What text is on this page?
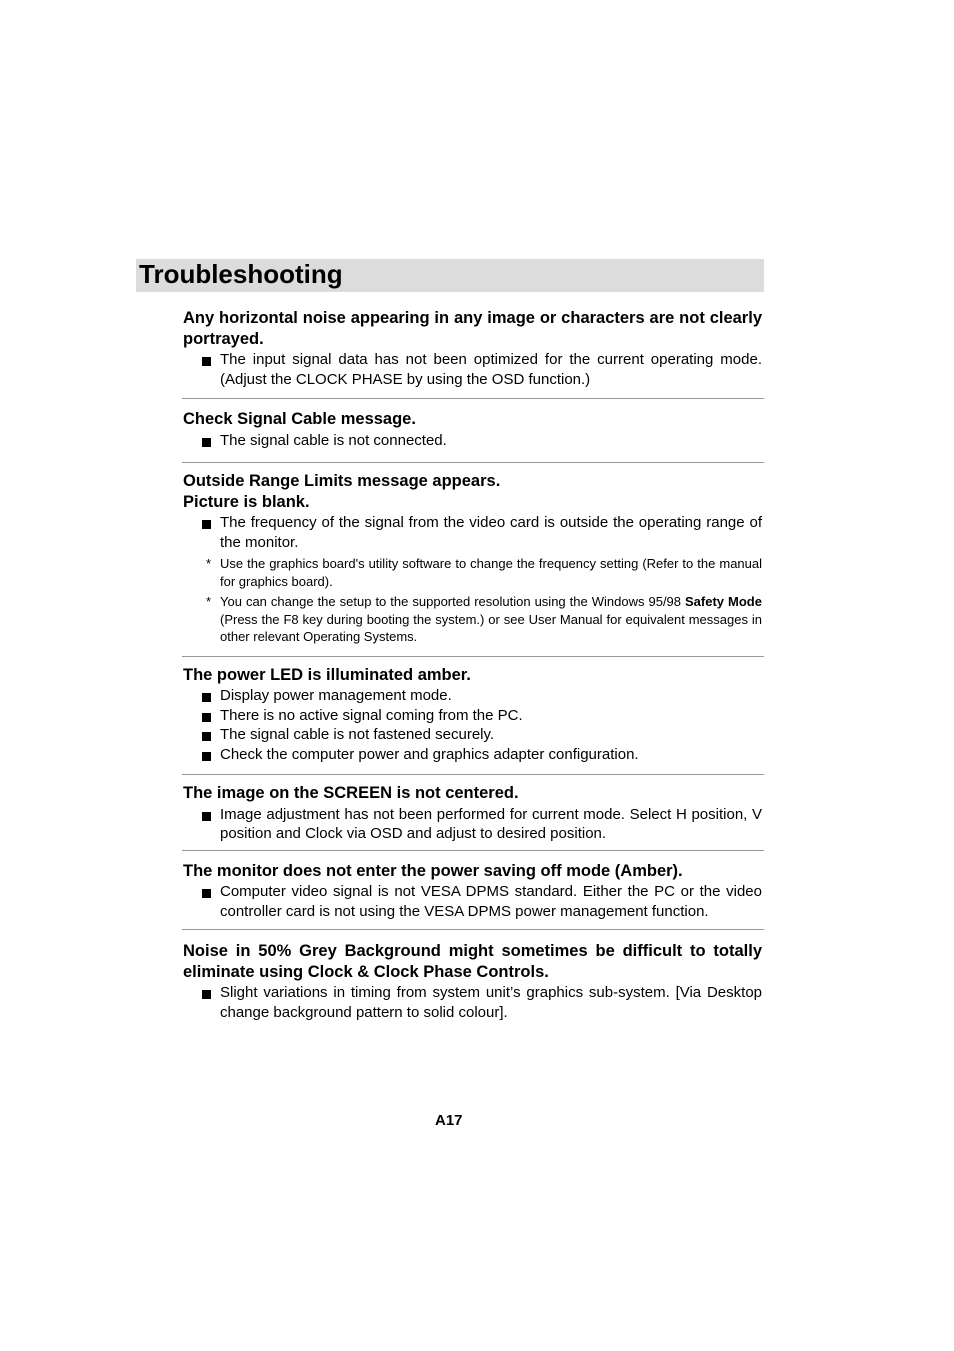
Troubleshooting

Any horizontal noise appearing in any image or characters are not clearly portrayed.

The input signal data has not been optimized for the current operating mode. (Adjust the CLOCK PHASE by using the OSD function.)

Check Signal Cable message.

The signal cable is not connected.

Outside Range Limits message appears.

Picture is blank.

The frequency of the signal from the video card is outside the operating range of the monitor.
* Use the graphics board's utility software to change the frequency setting (Refer to the manual for graphics board).
* You can change the setup to the supported resolution using the Windows 95/98 Safety Mode (Press the F8 key during booting the system.) or see User Manual for equivalent messages in other relevant Operating Systems.

The power LED is illuminated amber.

Display power management mode.
There is no active signal coming from the PC.
The signal cable is not fastened securely.
Check the computer power and graphics adapter configuration.

The image on the SCREEN is not centered.

Image adjustment has not been performed for current mode. Select H position, V position and Clock via OSD and adjust to desired position.

The monitor does not enter the power saving off mode (Amber).

Computer video signal is not VESA DPMS standard. Either the PC or the video controller card is not using the VESA DPMS power management function.

Noise in 50% Grey Background might sometimes be difficult to totally eliminate using Clock & Clock Phase Controls.

Slight variations in timing from system unit’s graphics sub-system. [Via Desktop change background pattern to solid colour].
A17
